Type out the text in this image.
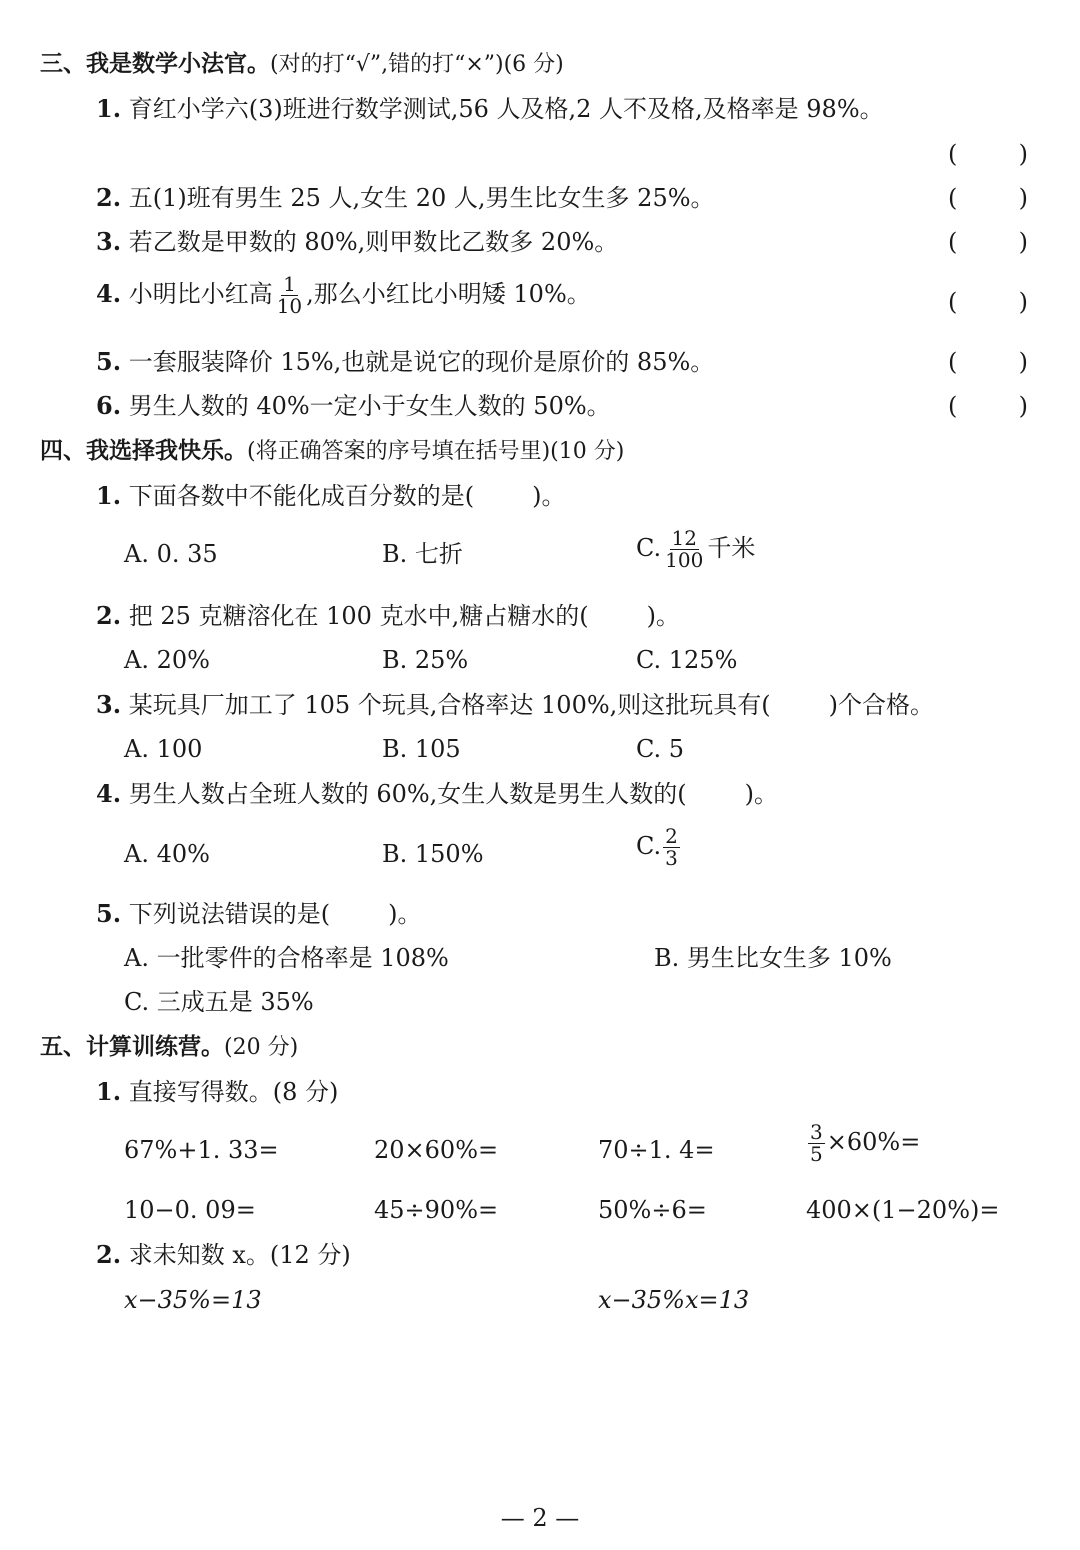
三、我是数学小法官。(对的打“√”,错的打“×”)(6 分)
1. 育红小学六(3)班进行数学测试,56 人及格,2 人不及格,及格率是 98%。
(	)
2. 五(1)班有男生 25 人,女生 20 人,男生比女生多 25%。	(	)
3. 若乙数是甲数的 80%,则甲数比乙数多 20%。	(	)
4. 小明比小红高 $\frac{1}{10}$ ,那么小红比小明矮 10%。	(	)
5. 一套服装降价 15%,也就是说它的现价是原价的 85%。	(	)
6. 男生人数的 40%一定小于女生人数的 50%。	(	)
四、我选择我快乐。(将正确答案的序号填在括号里)(10 分)
1. 下面各数中不能化成百分数的是( )。
A. 0. 35	B. 七折	C. $\frac{12}{100}$ 千米
2. 把 25 克糖溶化在 100 克水中,糖占糖水的( )。
A. 20%	B. 25%	C. 125%
3. 某玩具厂加工了 105 个玩具,合格率达 100%,则这批玩具有( )个合格。
A. 100	B. 105	C. 5
4. 男生人数占全班人数的 60%,女生人数是男生人数的( )。
A. 40%	B. 150%	C. $\frac{2}{3}$
5. 下列说法错误的是( )。
A. 一批零件的合格率是 108%	B. 男生比女生多 10%
C. 三成五是 35%
五、计算训练营。(20 分)
1. 直接写得数。(8 分)
67%+1. 33=	20×60%=	70÷1. 4=	$\frac{3}{5} \times 60\%=$
10−0. 09=	45÷90%=	50%÷6=	400×(1−20%)=
2. 求未知数 x。(12 分)
x−35%=13	x−35%x=13
— 2 —
